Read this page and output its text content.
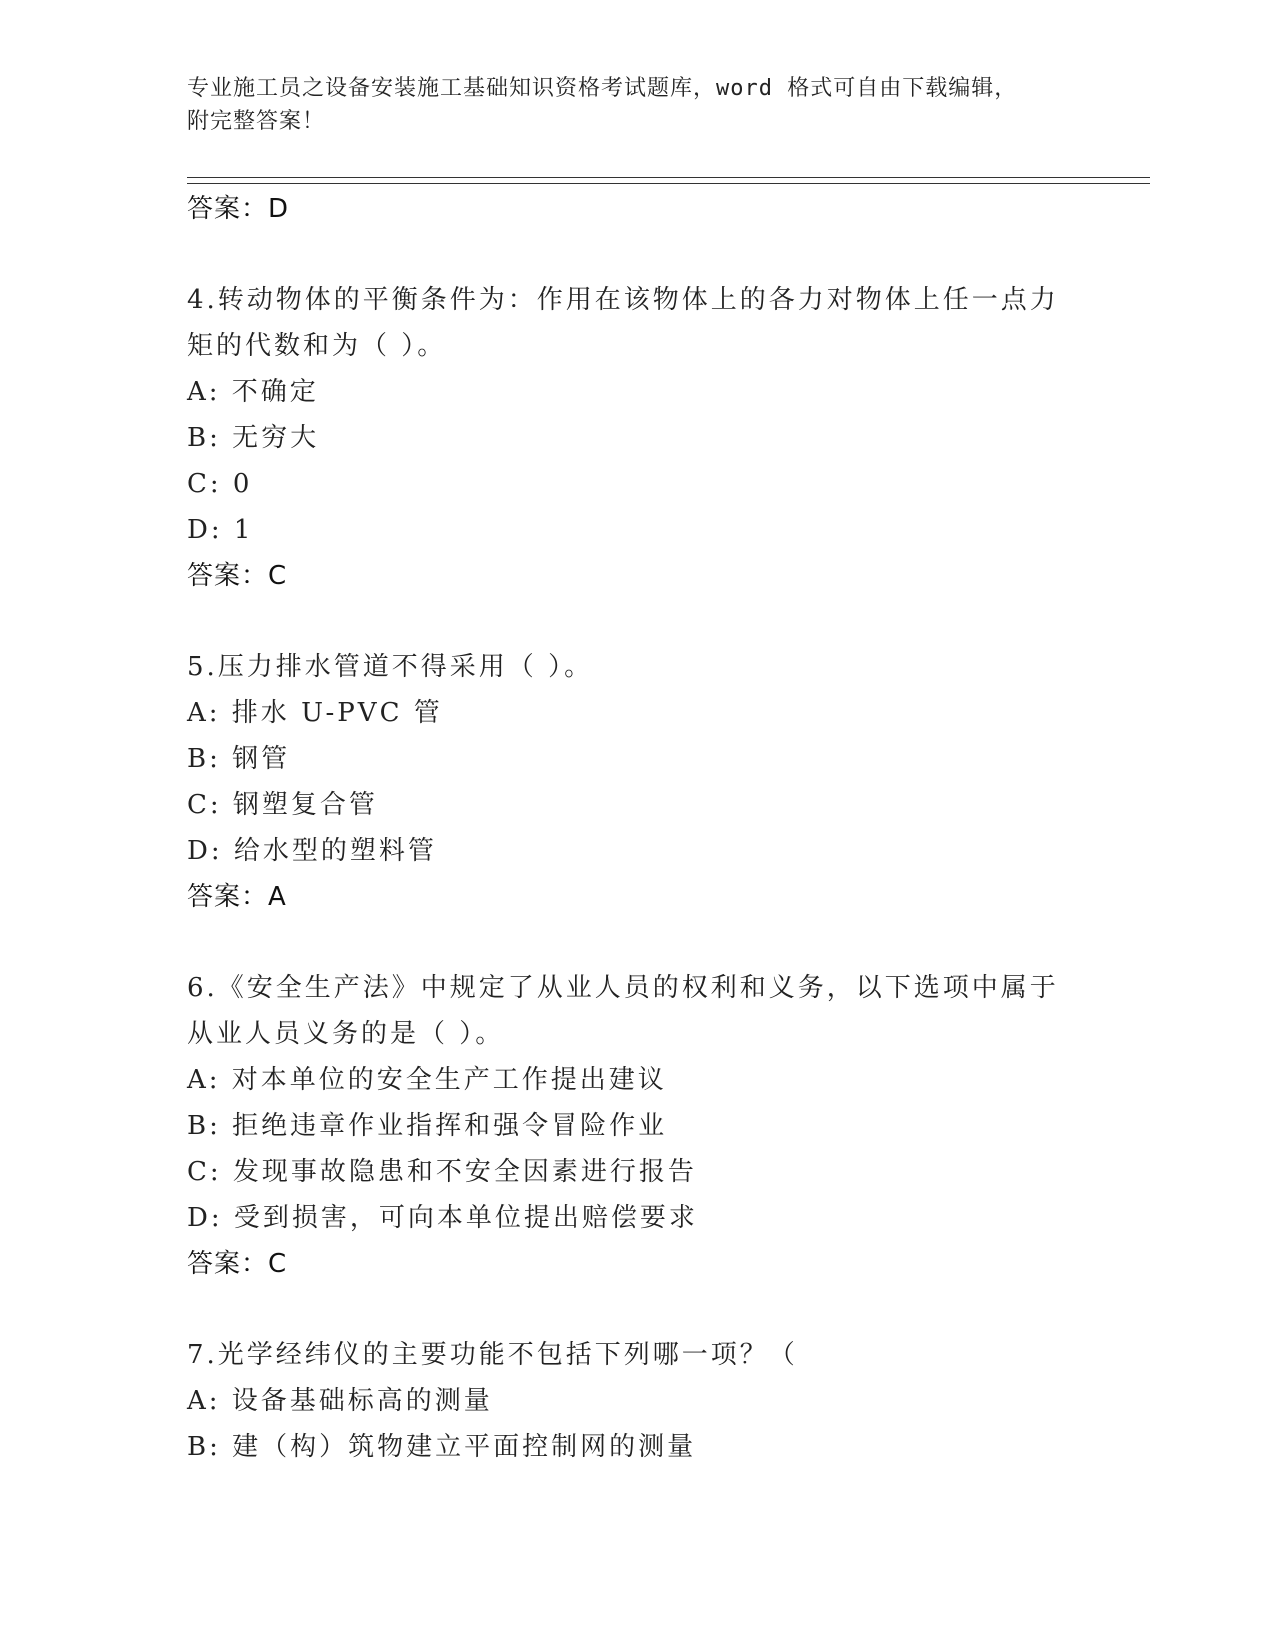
专业施工员之设备安装施工基础知识资格考试题库，word 格式可自由下载编辑，
附完整答案！
答案：D
4.转动物体的平衡条件为：作用在该物体上的各力对物体上任一点力
矩的代数和为（ ）。
A: 不确定
B: 无穷大
C: 0
D: 1
答案：C
5.压力排水管道不得采用（ ）。
A: 排水 U-PVC 管
B: 钢管
C: 钢塑复合管
D: 给水型的塑料管
答案：A
6.《安全生产法》中规定了从业人员的权利和义务，以下选项中属于
从业人员义务的是（ ）。
A: 对本单位的安全生产工作提出建议
B: 拒绝违章作业指挥和强令冒险作业
C: 发现事故隐患和不安全因素进行报告
D: 受到损害，可向本单位提出赔偿要求
答案：C
7.光学经纬仪的主要功能不包括下列哪一项？（
A: 设备基础标高的测量
B: 建（构）筑物建立平面控制网的测量
